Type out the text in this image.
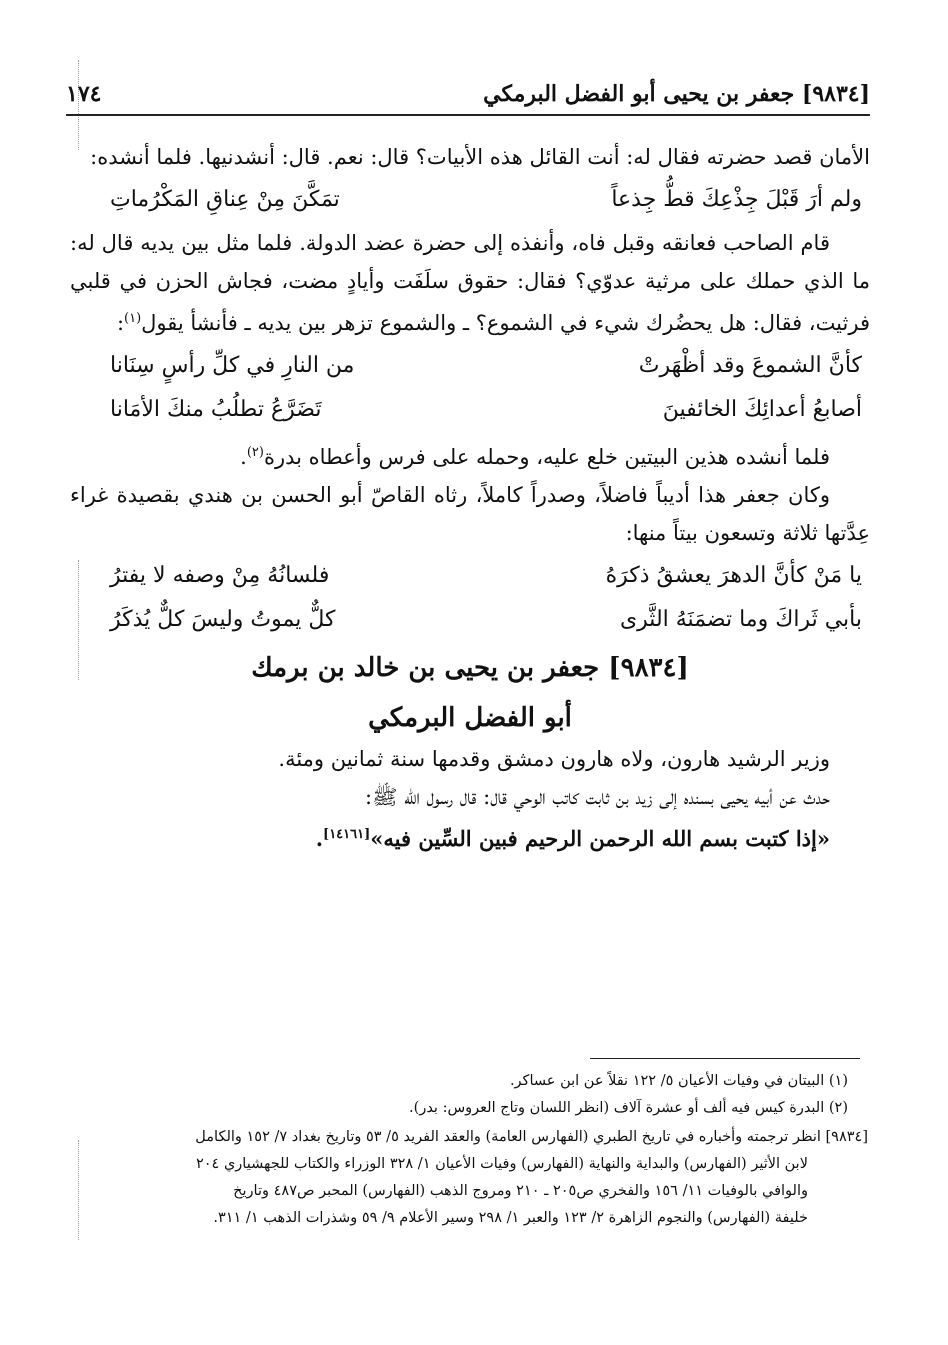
[٩٨٣٤] جعفر بن يحيى أبو الفضل البرمكي
١٧٤

الأمان قصد حضرته فقال له: أنت القائل هذه الأبيات؟ قال: نعم. قال: أنشدنيها. فلما أنشده:

ولم أرَ قَبْلَ جِذْعِكَ قطُّ جِذعاً
تمَكَّنَ مِنْ عِناقِ المَكْرُماتِ

قام الصاحب فعانقه وقبل فاه، وأنفذه إلى حضرة عضد الدولة. فلما مثل بين يديه قال له: ما الذي حملك على مرثية عدوّي؟ فقال: حقوق سلَفَت وأيادٍ مضت، فجاش الحزن في قلبي فرثيت، فقال: هل يحضُرك شيء في الشموع؟ ـ والشموع تزهر بين يديه ـ فأنشأ يقول$^{(١)}$:

كأنَّ الشموعَ وقد أظْهَرتْ
من النارِ في كلِّ رأسٍ سِنَانا
أصابعُ أعدائِكَ الخائفينَ
تَضَرَّعُ تطلُبُ منكَ الأمَانا

فلما أنشده هذين البيتين خلع عليه، وحمله على فرس وأعطاه بدرة$^{(٢)}$.

وكان جعفر هذا أديباً فاضلاً، وصدراً كاملاً، رثاه القاصّ أبو الحسن بن هندي بقصيدة غراء عِدَّتها ثلاثة وتسعون بيتاً منها:

يا مَنْ كأنَّ الدهرَ يعشقُ ذكرَهُ
فلسانُهُ مِنْ وصفه لا يفترُ
بأبي ثَراكَ وما تضمَنَهُ الثَّرى
كلٌّ يموتُ وليسَ كلٌّ يُذكَرُ
[٩٨٣٤] جعفر بن يحيى بن خالد بن برمك
أبو الفضل البرمكي

وزير الرشيد هارون، ولاه هارون دمشق وقدمها سنة ثمانين ومئة.

حدث عن أبيه يحيى بسنده إلى زيد بن ثابت كاتب الوحي قال: قال رسول الله ﷺ:

«إذا كتبت بسم الله الرحمن الرحيم فبين السِّين فيه»[١٤١٦١].

(١) البيتان في وفيات الأعيان ٥/ ١٢٢ نقلاً عن ابن عساكر.

(٢) البدرة كيس فيه ألف أو عشرة آلاف (انظر اللسان وتاج العروس: بدر).

[٩٨٣٤] انظر ترجمته وأخباره في تاريخ الطبري (الفهارس العامة) والعقد الفريد ٥/ ٥٣ وتاريخ بغداد ٧/ ١٥٢ والكامل
لابن الأثير (الفهارس) والبداية والنهاية (الفهارس) وفيات الأعيان ١/ ٣٢٨ الوزراء والكتاب للجهشياري ٢٠٤
والوافي بالوفيات ١١/ ١٥٦ والفخري ص٢٠٥ ـ ٢١٠ ومروج الذهب (الفهارس) المحبر ص٤٨٧ وتاريخ
خليفة (الفهارس) والنجوم الزاهرة ٢/ ١٢٣ والعبر ١/ ٢٩٨ وسير الأعلام ٩/ ٥٩ وشذرات الذهب ١/ ٣١١.
